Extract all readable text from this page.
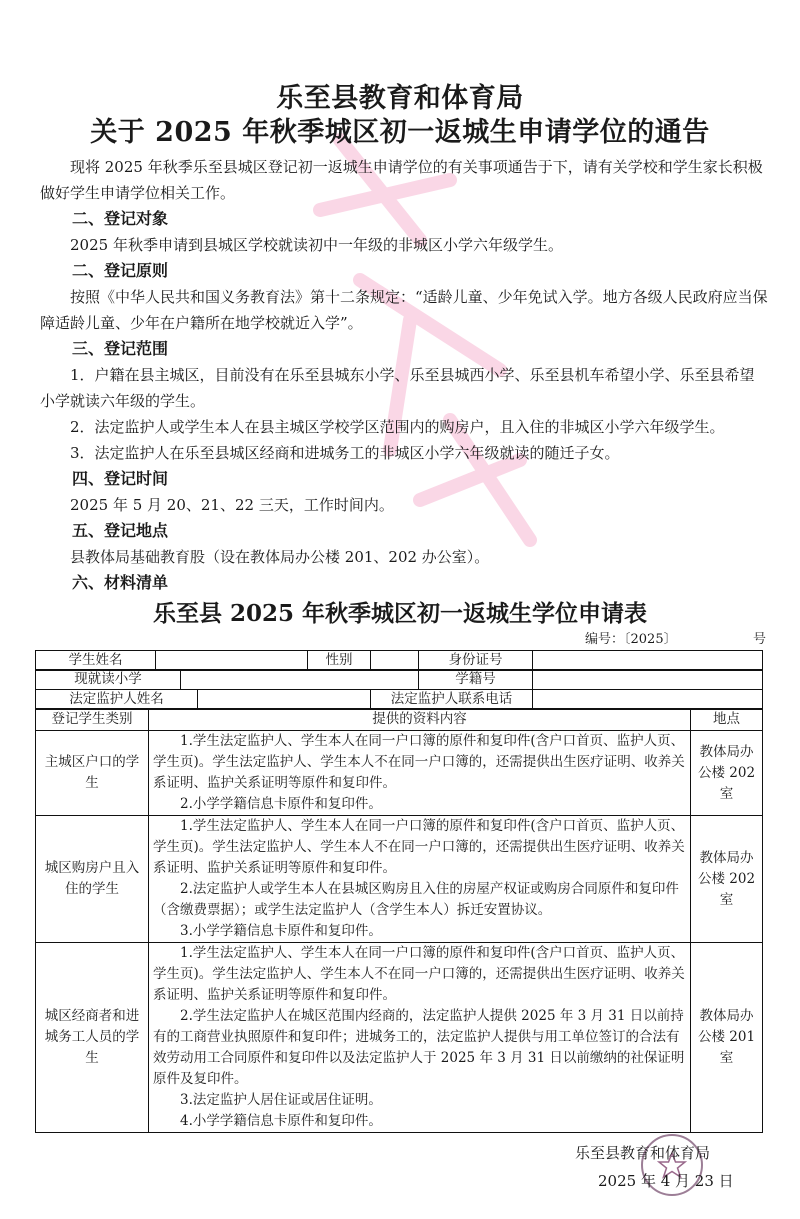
乐至县教育和体育局
关于 2025 年秋季城区初一返城生申请学位的通告

现将 2025 年秋季乐至县城区登记初一返城生申请学位的有关事项通告于下，请有关学校和学生家长积极做好学生申请学位相关工作。

二、登记对象

2025 年秋季申请到县城区学校就读初中一年级的非城区小学六年级学生。

二、登记原则

按照《中华人民共和国义务教育法》第十二条规定：“适龄儿童、少年免试入学。地方各级人民政府应当保障适龄儿童、少年在户籍所在地学校就近入学”。

三、登记范围

1．户籍在县主城区，目前没有在乐至县城东小学、乐至县城西小学、乐至县机车希望小学、乐至县希望小学就读六年级的学生。

2．法定监护人或学生本人在县主城区学校学区范围内的购房户，且入住的非城区小学六年级学生。

3．法定监护人在乐至县城区经商和进城务工的非城区小学六年级就读的随迁子女。

四、登记时间

2025 年 5 月 20、21、22 三天，工作时间内。

五、登记地点

县教体局基础教育股（设在教体局办公楼 201、202 办公室）。

六、材料清单
乐至县 2025 年秋季城区初一返城生学位申请表
编号：〔2025〕	号
学生姓名		性别		身份证号	
现就读小学		学籍号	
法定监护人姓名		法定监护人联系电话	
登记学生类别	提供的资料内容	地点
主城区户口的学生	1.学生法定监护人、学生本人在同一户口簿的原件和复印件(含户口首页、监护人页、学生页)。学生法定监护人、学生本人不在同一户口簿的，还需提供出生医疗证明、收养关系证明、监护关系证明等原件和复印件。
2.小学学籍信息卡原件和复印件。	教体局办公楼 202 室
城区购房户且入住的学生	1.学生法定监护人、学生本人在同一户口簿的原件和复印件(含户口首页、监护人页、学生页)。学生法定监护人、学生本人不在同一户口簿的，还需提供出生医疗证明、收养关系证明、监护关系证明等原件和复印件。
2.法定监护人或学生本人在县城区购房且入住的房屋产权证或购房合同原件和复印件（含缴费票据）；或学生法定监护人（含学生本人）拆迁安置协议。
3.小学学籍信息卡原件和复印件。	教体局办公楼 202 室
城区经商者和进城务工人员的学生	1.学生法定监护人、学生本人在同一户口簿的原件和复印件(含户口首页、监护人页、学生页)。学生法定监护人、学生本人不在同一户口簿的，还需提供出生医疗证明、收养关系证明、监护关系证明等原件和复印件。
2.学生法定监护人在城区范围内经商的，法定监护人提供 2025 年 3 月 31 日以前持有的工商营业执照原件和复印件；进城务工的，法定监护人提供与用工单位签订的合法有效劳动用工合同原件和复印件以及法定监护人于 2025 年 3 月 31 日以前缴纳的社保证明原件及复印件。
3.法定监护人居住证或居住证明。
4.小学学籍信息卡原件和复印件。	教体局办公楼 201 室
乐至县教育和体育局
2025 年 4 月 23 日
